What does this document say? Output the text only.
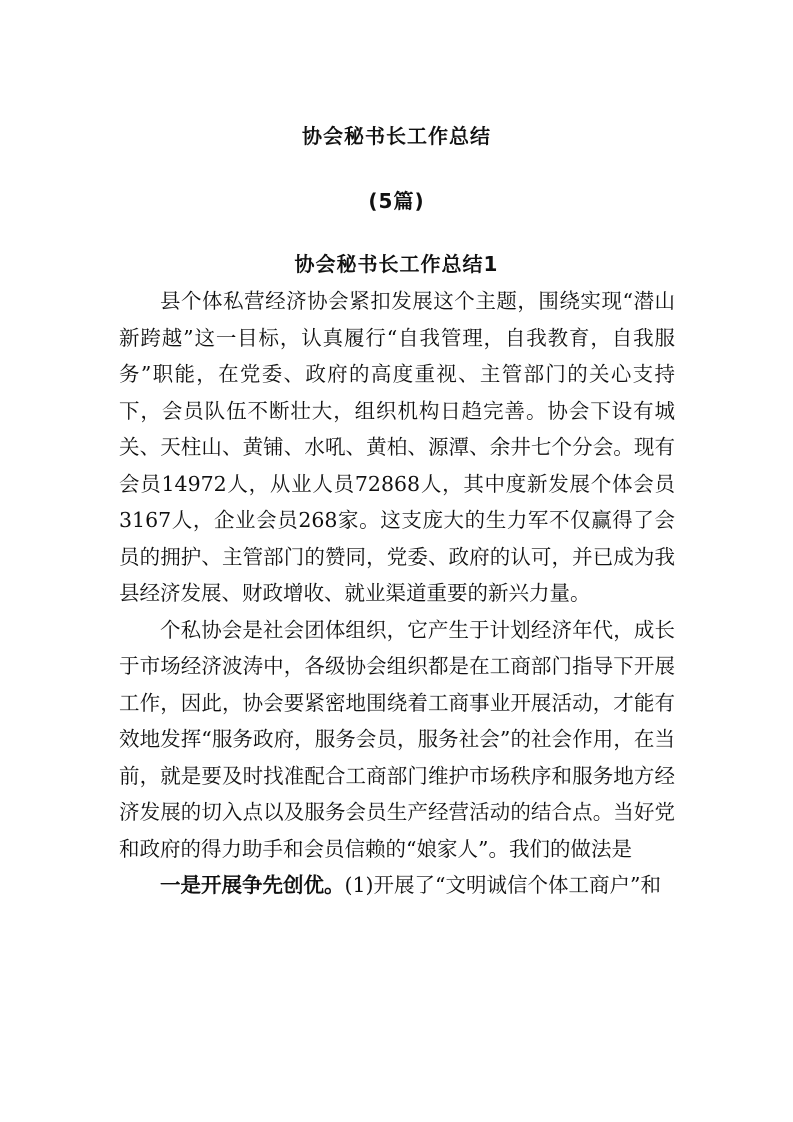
协会秘书长工作总结
(5篇)
协会秘书长工作总结1

县个体私营经济协会紧扣发展这个主题，围绕实现“潜山新跨越”这一目标，认真履行“自我管理，自我教育，自我服务”职能，在党委、政府的高度重视、主管部门的关心支持下，会员队伍不断壮大，组织机构日趋完善。协会下设有城关、天柱山、黄铺、水吼、黄柏、源潭、余井七个分会。现有会员14972人，从业人员72868人，其中度新发展个体会员3167人，企业会员268家。这支庞大的生力军不仅赢得了会员的拥护、主管部门的赞同，党委、政府的认可，并已成为我县经济发展、财政增收、就业渠道重要的新兴力量。

个私协会是社会团体组织，它产生于计划经济年代，成长于市场经济波涛中，各级协会组织都是在工商部门指导下开展工作，因此，协会要紧密地围绕着工商事业开展活动，才能有效地发挥“服务政府，服务会员，服务社会”的社会作用，在当前，就是要及时找准配合工商部门维护市场秩序和服务地方经济发展的切入点以及服务会员生产经营活动的结合点。当好党和政府的得力助手和会员信赖的“娘家人”。我们的做法是

一是开展争先创优。(1)开展了“文明诚信个体工商户”和
